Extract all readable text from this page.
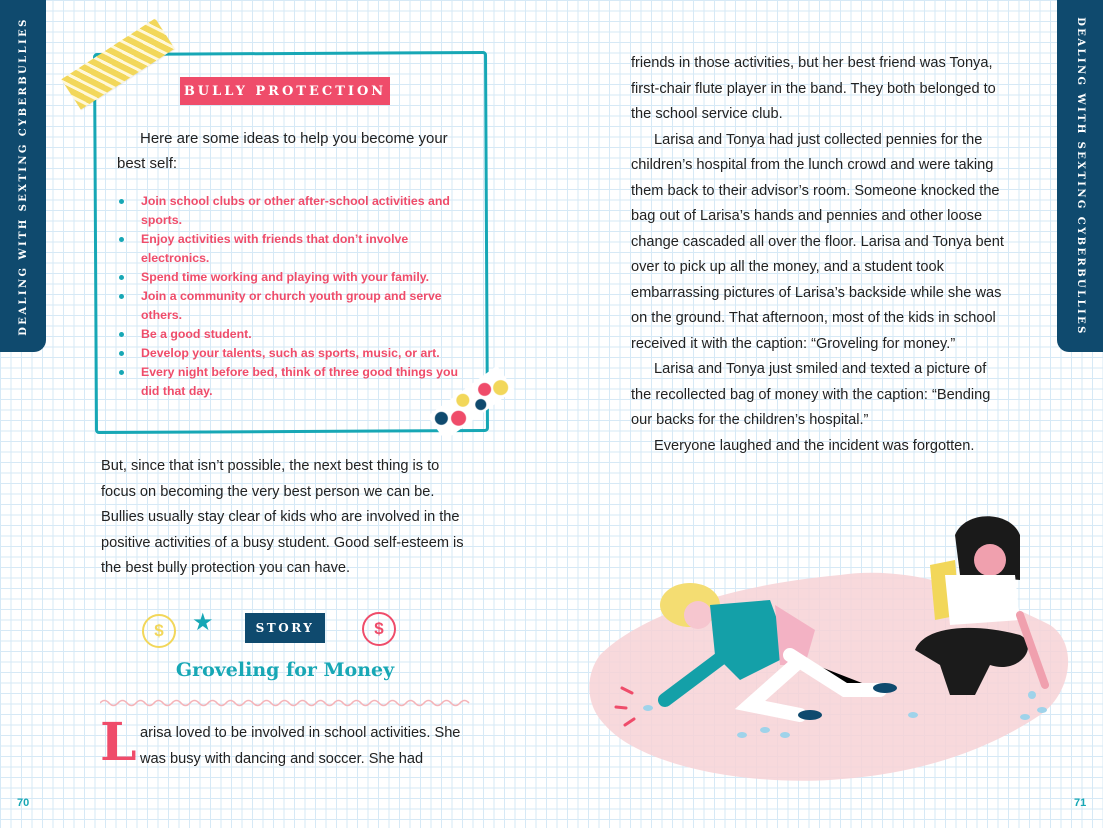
DEALING WITH SEXTING CYBERBULLIES	DEALING WITH SEXTING CYBERBULLIES
BULLY PROTECTION
Here are some ideas to help you become your best self:
Join school clubs or other after-school activities and sports.
Enjoy activities with friends that don’t involve electronics.
Spend time working and playing with your family.
Join a community or church youth group and serve others.
Be a good student.
Develop your talents, such as sports, music, or art.
Every night before bed, think of three good things you did that day.

But, since that isn’t possible, the next best thing is to focus on becoming the very best person we can be. Bullies usually stay clear of kids who are involved in the positive activities of a busy student. Good self-esteem is the best bully protection you can have.

$	★	STORY	$
Groveling for Money
L arisa loved to be involved in school activities. She was busy with dancing and soccer. She had

friends in those activities, but her best friend was Tonya, first-chair flute player in the band. They both belonged to the school service club.

Larisa and Tonya had just collected pennies for the children’s hospital from the lunch crowd and were taking them back to their advisor’s room. Someone knocked the bag out of Larisa’s hands and pennies and other loose change cascaded all over the floor. Larisa and Tonya bent over to pick up all the money, and a student took embarrassing pictures of Larisa’s backside while she was on the ground. That afternoon, most of the kids in school received it with the caption: “Groveling for money.”

Larisa and Tonya just smiled and texted a picture of the recollected bag of money with the caption: “Bending our backs for the children’s hospital.”

Everyone laughed and the incident was forgotten.

70	71
